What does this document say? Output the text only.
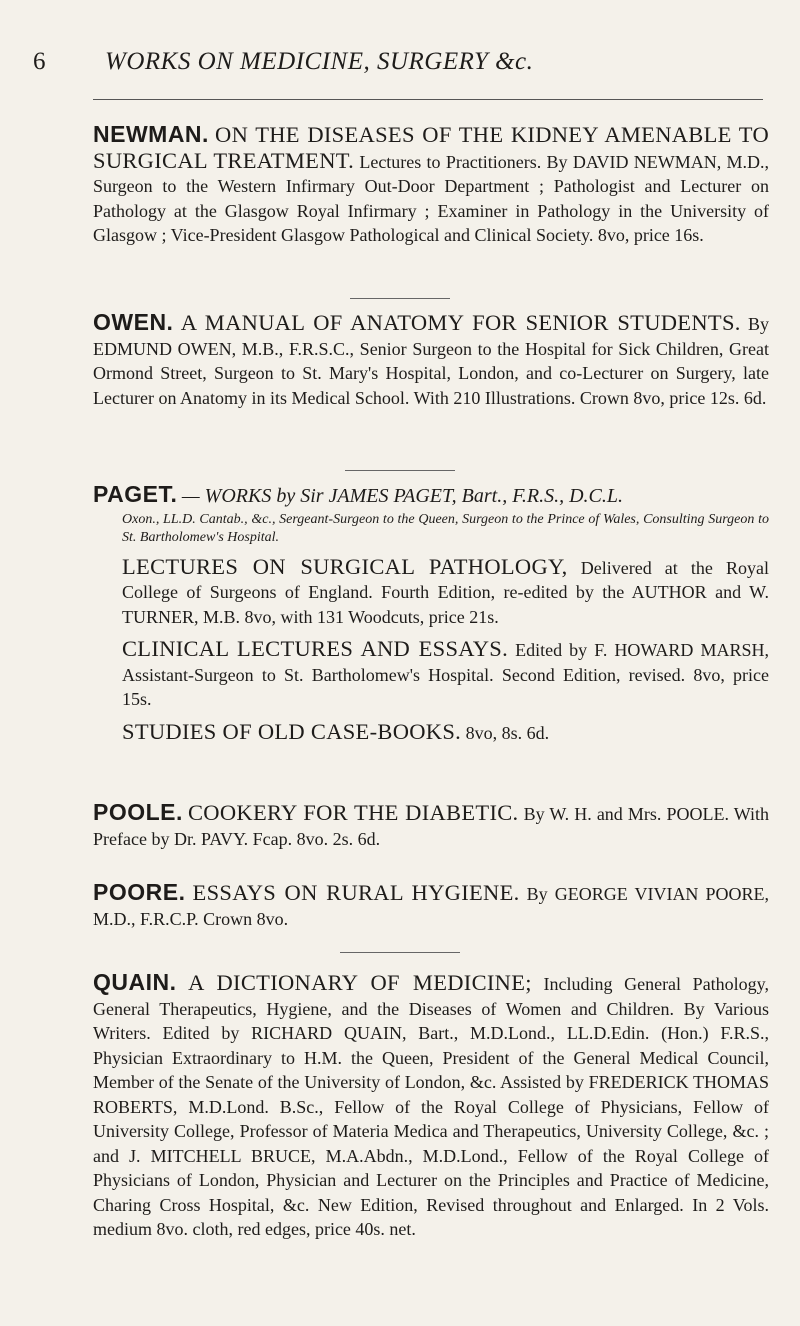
6 WORKS ON MEDICINE, SURGERY &c.

NEWMAN. ON THE DISEASES OF THE KIDNEY AMENABLE TO SURGICAL TREATMENT. Lectures to Practitioners. By DAVID NEWMAN, M.D., Surgeon to the Western Infirmary Out-Door Department ; Pathologist and Lecturer on Pathology at the Glasgow Royal Infirmary ; Examiner in Pathology in the University of Glasgow ; Vice-President Glasgow Pathological and Clinical Society. 8vo, price 16s.

OWEN. A MANUAL OF ANATOMY FOR SENIOR STUDENTS. By EDMUND OWEN, M.B., F.R.S.C., Senior Surgeon to the Hospital for Sick Children, Great Ormond Street, Surgeon to St. Mary's Hospital, London, and co-Lecturer on Surgery, late Lecturer on Anatomy in its Medical School. With 210 Illustrations. Crown 8vo, price 12s. 6d.

PAGET. — WORKS by Sir JAMES PAGET, Bart., F.R.S., D.C.L.

Oxon., LL.D. Cantab., &c., Sergeant-Surgeon to the Queen, Surgeon to the Prince of Wales, Consulting Surgeon to St. Bartholomew's Hospital.

LECTURES ON SURGICAL PATHOLOGY, Delivered at the Royal College of Surgeons of England. Fourth Edition, re-edited by the AUTHOR and W. TURNER, M.B. 8vo, with 131 Woodcuts, price 21s.

CLINICAL LECTURES AND ESSAYS. Edited by F. HOWARD MARSH, Assistant-Surgeon to St. Bartholomew's Hospital. Second Edition, revised. 8vo, price 15s.

STUDIES OF OLD CASE-BOOKS. 8vo, 8s. 6d.

POOLE. COOKERY FOR THE DIABETIC. By W. H. and Mrs. POOLE. With Preface by Dr. PAVY. Fcap. 8vo. 2s. 6d.

POORE. ESSAYS ON RURAL HYGIENE. By GEORGE VIVIAN POORE, M.D., F.R.C.P. Crown 8vo.

QUAIN. A DICTIONARY OF MEDICINE; Including General Pathology, General Therapeutics, Hygiene, and the Diseases of Women and Children. By Various Writers. Edited by RICHARD QUAIN, Bart., M.D.Lond., LL.D.Edin. (Hon.) F.R.S., Physician Extraordinary to H.M. the Queen, President of the General Medical Council, Member of the Senate of the University of London, &c. Assisted by FREDERICK THOMAS ROBERTS, M.D.Lond. B.Sc., Fellow of the Royal College of Physicians, Fellow of University College, Professor of Materia Medica and Therapeutics, University College, &c. ; and J. MITCHELL BRUCE, M.A.Abdn., M.D.Lond., Fellow of the Royal College of Physicians of London, Physician and Lecturer on the Principles and Practice of Medicine, Charing Cross Hospital, &c. New Edition, Revised throughout and Enlarged. In 2 Vols. medium 8vo. cloth, red edges, price 40s. net.
